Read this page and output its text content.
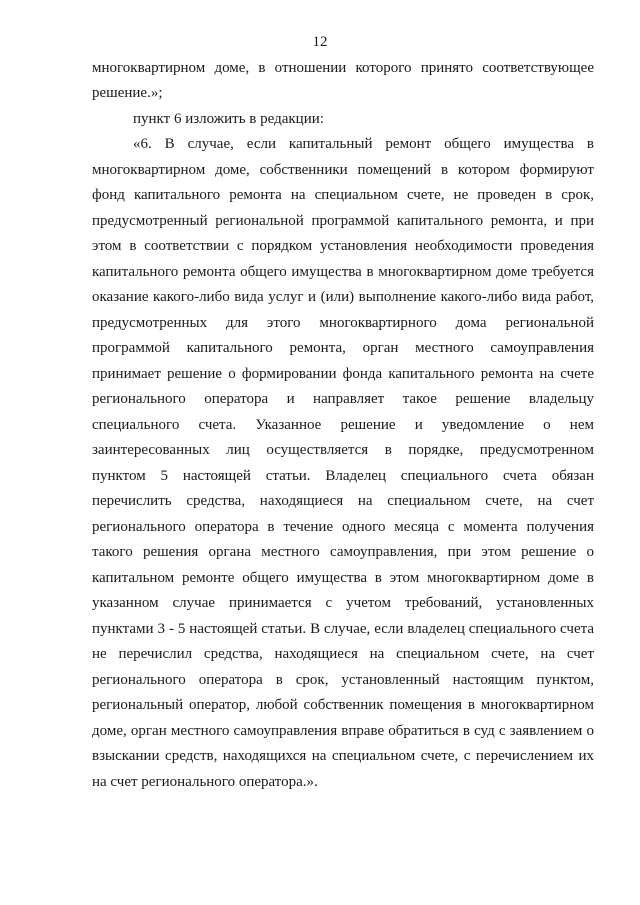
12

многоквартирном доме, в отношении которого принято соответствующее

решение.»;

пункт 6 изложить в редакции:

«6. В случае, если капитальный ремонт общего имущества в

многоквартирном доме, собственники помещений в котором формируют

фонд капитального ремонта на специальном счете, не проведен в срок,

предусмотренный региональной программой капитального ремонта, и при

этом в соответствии с порядком установления необходимости проведения

капитального ремонта общего имущества в многоквартирном доме требуется

оказание какого-либо вида услуг и (или) выполнение какого-либо вида работ,

предусмотренных для этого многоквартирного дома региональной

программой капитального ремонта, орган местного самоуправления

принимает решение о формировании фонда капитального ремонта на счете

регионального оператора и направляет такое решение владельцу

специального счета. Указанное решение и уведомление о нем

заинтересованных лиц осуществляется в порядке, предусмотренном

пунктом 5 настоящей статьи. Владелец специального счета обязан

перечислить средства, находящиеся на специальном счете, на счет

регионального оператора в течение одного месяца с момента получения

такого решения органа местного самоуправления, при этом решение о

капитальном ремонте общего имущества в этом многоквартирном доме в

указанном случае принимается с учетом требований, установленных

пунктами 3 - 5 настоящей статьи. В случае, если владелец специального счета

не перечислил средства, находящиеся на специальном счете, на счет

регионального оператора в срок, установленный настоящим пунктом,

региональный оператор, любой собственник помещения в многоквартирном

доме, орган местного самоуправления вправе обратиться в суд с заявлением о

взыскании средств, находящихся на специальном счете, с перечислением их

на счет регионального оператора.».
